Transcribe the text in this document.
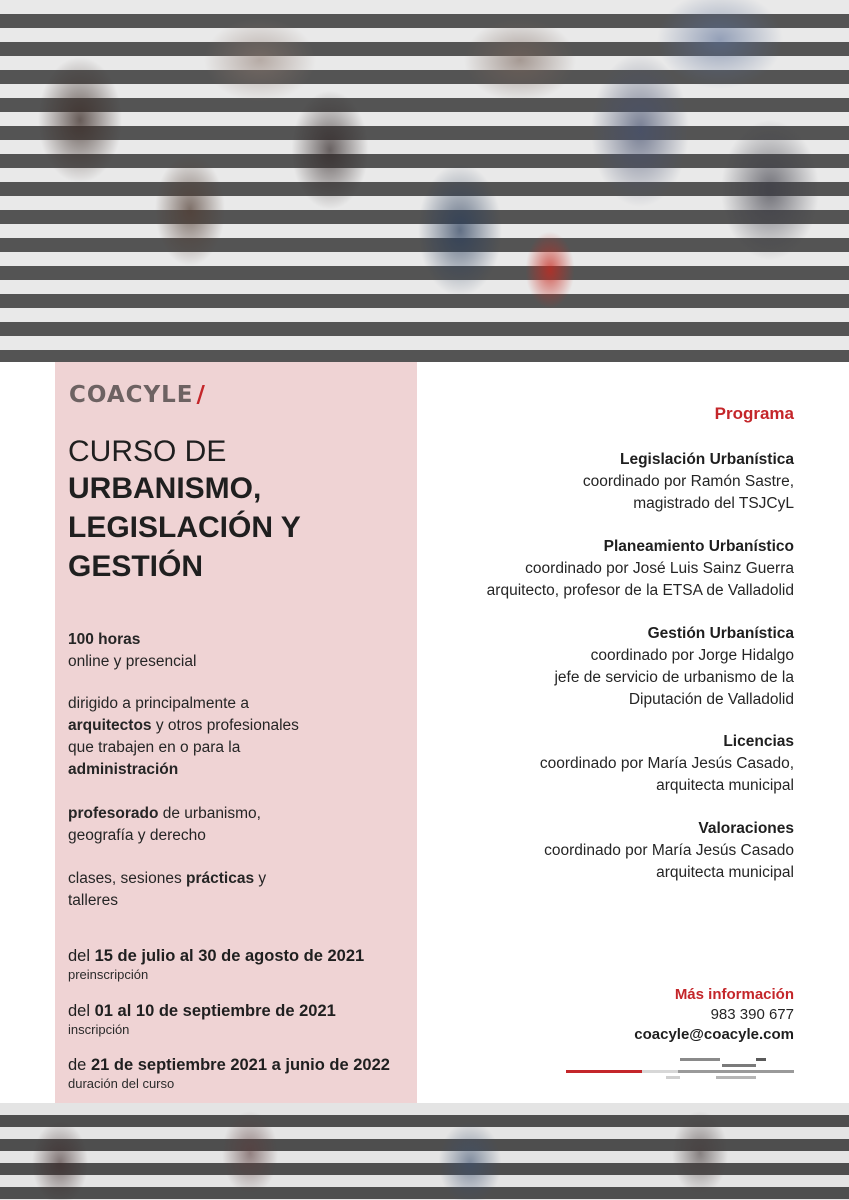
COACYLE /
CURSO DE
URBANISMO,
LEGISLACIÓN Y
GESTIÓN
100 horas
online y presencial
dirigido a principalmente a
arquitectos y otros profesionales
que trabajen en o para la
administración
profesorado de urbanismo,
geografía y derecho
clases, sesiones prácticas y
talleres
del 15 de julio al 30 de agosto de 2021
preinscripción
del 01 al 10 de septiembre de 2021
inscripción
de 21 de septiembre 2021 a junio de 2022
duración del curso
Programa
Legislación Urbanística
coordinado por Ramón Sastre,
magistrado del TSJCyL
Planeamiento Urbanístico
coordinado por José Luis Sainz Guerra
arquitecto, profesor de la ETSA de Valladolid
Gestión Urbanística
coordinado por Jorge Hidalgo
jefe de servicio de urbanismo de la
Diputación de Valladolid
Licencias
coordinado por María Jesús Casado,
arquitecta municipal
Valoraciones
coordinado por María Jesús Casado
arquitecta municipal
Más información
983 390 677
coacyle@coacyle.com
